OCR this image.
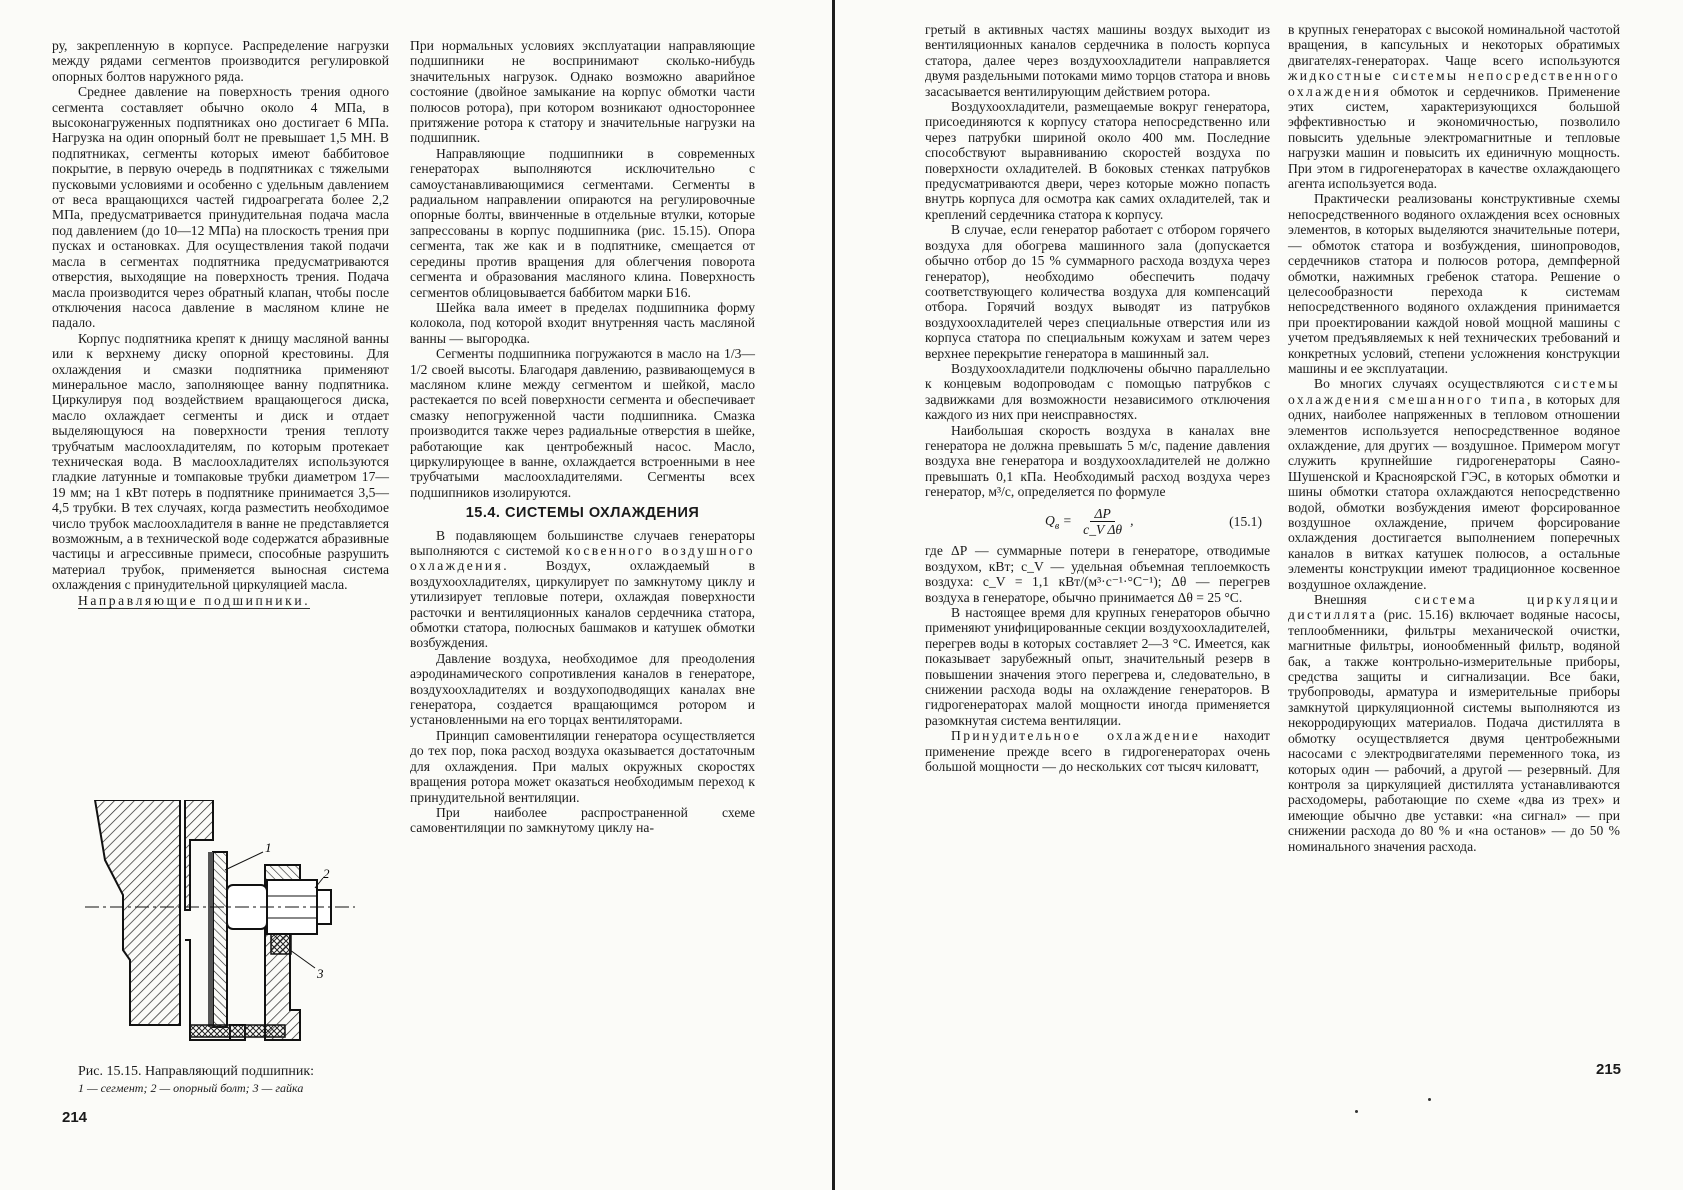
ру, закрепленную в корпусе. Распределение нагрузки между рядами сегментов производится регулировкой опорных болтов наружного ряда.

Среднее давление на поверхность трения одного сегмента составляет обычно около 4 МПа, в высоконагруженных подпятниках оно достигает 6 МПа. Нагрузка на один опорный болт не превышает 1,5 МН. В подпятниках, сегменты которых имеют баббитовое покрытие, в первую очередь в подпятниках с тяжелыми пусковыми условиями и особенно с удельным давлением от веса вращающихся частей гидроагрегата более 2,2 МПа, предусматривается принудительная подача масла под давлением (до 10—12 МПа) на плоскость трения при пусках и остановках. Для осуществления такой подачи масла в сегментах подпятника предусматриваются отверстия, выходящие на поверхность трения. Подача масла производится через обратный клапан, чтобы после отключения насоса давление в масляном клине не падало.

Корпус подпятника крепят к днищу масляной ванны или к верхнему диску опорной крестовины. Для охлаждения и смазки подпятника применяют минеральное масло, заполняющее ванну подпятника. Циркулируя под воздействием вращающегося диска, масло охлаждает сегменты и диск и отдает выделяющуюся на поверхности трения теплоту трубчатым маслоохладителям, по которым протекает техническая вода. В маслоохладителях используются гладкие латунные и томпаковые трубки диаметром 17—19 мм; на 1 кВт потерь в подпятнике принимается 3,5—4,5 трубки. В тех случаях, когда разместить необходимое число трубок маслоохладителя в ванне не представляется возможным, а в технической воде содержатся абразивные частицы и агрессивные примеси, способные разрушить материал трубок, применяется выносная система охлаждения с принудительной циркуляцией масла.

Направляющие подшипники.

1
2
3
Рис. 15.15. Направляющий подшипник:
1 — сегмент; 2 — опорный болт; 3 — гайка
214

При нормальных условиях эксплуатации направляющие подшипники не воспринимают сколько-нибудь значительных нагрузок. Однако возможно аварийное состояние (двойное замыкание на корпус обмотки части полюсов ротора), при котором возникают одностороннее притяжение ротора к статору и значительные нагрузки на подшипник.

Направляющие подшипники в современных генераторах выполняются исключительно с самоустанавливающимися сегментами. Сегменты в радиальном направлении опираются на регулировочные опорные болты, ввинченные в отдельные втулки, которые запрессованы в корпус подшипника (рис. 15.15). Опора сегмента, так же как и в подпятнике, смещается от середины против вращения для облегчения поворота сегмента и образования масляного клина. Поверхность сегментов облицовывается баббитом марки Б16.

Шейка вала имеет в пределах подшипника форму колокола, под которой входит внутренняя часть масляной ванны — выгородка.

Сегменты подшипника погружаются в масло на 1/3—1/2 своей высоты. Благодаря давлению, развивающемуся в масляном клине между сегментом и шейкой, масло растекается по всей поверхности сегмента и обеспечивает смазку непогруженной части подшипника. Смазка производится также через радиальные отверстия в шейке, работающие как центробежный насос. Масло, циркулирующее в ванне, охлаждается встроенными в нее трубчатыми маслоохладителями. Сегменты всех подшипников изолируются.

15.4. СИСТЕМЫ ОХЛАЖДЕНИЯ

В подавляющем большинстве случаев генераторы выполняются с системой косвенного воздушного охлаждения. Воздух, охлаждаемый в воздухоохладителях, циркулирует по замкнутому циклу и утилизирует тепловые потери, охлаждая поверхности расточки и вентиляционных каналов сердечника статора, обмотки статора, полюсных башмаков и катушек обмотки возбуждения.

Давление воздуха, необходимое для преодоления аэродинамического сопротивления каналов в генераторе, воздухоохладителях и воздухоподводящих каналах вне генератора, создается вращающимся ротором и установленными на его торцах вентиляторами.

Принцип самовентиляции генератора осуществляется до тех пор, пока расход воздуха оказывается достаточным для охлаждения. При малых окружных скоростях вращения ротора может оказаться необходимым переход к принудительной вентиляции.

При наиболее распространенной схеме самовентиляции по замкнутому циклу на-

гретый в активных частях машины воздух выходит из вентиляционных каналов сердечника в полость корпуса статора, далее через воздухоохладители направляется двумя раздельными потоками мимо торцов статора и вновь засасывается вентилирующим действием ротора.

Воздухоохладители, размещаемые вокруг генератора, присоединяются к корпусу статора непосредственно или через патрубки шириной около 400 мм. Последние способствуют выравниванию скоростей воздуха по поверхности охладителей. В боковых стенках патрубков предусматриваются двери, через которые можно попасть внутрь корпуса для осмотра как самих охладителей, так и креплений сердечника статора к корпусу.

В случае, если генератор работает с отбором горячего воздуха для обогрева машинного зала (допускается обычно отбор до 15 % суммарного расхода воздуха через генератор), необходимо обеспечить подачу соответствующего количества воздуха для компенсаций отбора. Горячий воздух выводят из патрубков воздухоохладителей через специальные отверстия или из корпуса статора по специальным кожухам и затем через верхнее перекрытие генератора в машинный зал.

Воздухоохладители подключены обычно параллельно к концевым водопроводам с помощью патрубков с задвижками для возможности независимого отключения каждого из них при неисправностях.

Наибольшая скорость воздуха в каналах вне генератора не должна превышать 5 м/с, падение давления воздуха вне генератора и воздухоохладителей не должно превышать 0,1 кПа. Необходимый расход воздуха через генератор, м³/с, определяется по формуле

$Q_в = \frac{\Delta P}{\text{c\_V Δθ}}$ ,	(15.1)

где ΔP — суммарные потери в генераторе, отводимые воздухом, кВт; c_V — удельная объемная теплоемкость воздуха: c_V = 1,1 кВт/(м³·с⁻¹·°С⁻¹); Δθ — перегрев воздуха в генераторе, обычно принимается Δθ = 25 °С.

В настоящее время для крупных генераторов обычно применяют унифицированные секции воздухоохладителей, перегрев воды в которых составляет 2—3 °С. Имеется, как показывает зарубежный опыт, значительный резерв в повышении значения этого перегрева и, следовательно, в снижении расхода воды на охлаждение генераторов. В гидрогенераторах малой мощности иногда применяется разомкнутая система вентиляции.

Принудительное охлаждение находит применение прежде всего в гидрогенераторах очень большой мощности — до нескольких сот тысяч киловатт,

в крупных генераторах с высокой номинальной частотой вращения, в капсульных и некоторых обратимых двигателях-генераторах. Чаще всего используются жидкостные системы непосредственного охлаждения обмоток и сердечников. Применение этих систем, характеризующихся большой эффективностью и экономичностью, позволило повысить удельные электромагнитные и тепловые нагрузки машин и повысить их единичную мощность. При этом в гидрогенераторах в качестве охлаждающего агента используется вода.

Практически реализованы конструктивные схемы непосредственного водяного охлаждения всех основных элементов, в которых выделяются значительные потери, — обмоток статора и возбуждения, шинопроводов, сердечников статора и полюсов ротора, демпферной обмотки, нажимных гребенок статора. Решение о целесообразности перехода к системам непосредственного водяного охлаждения принимается при проектировании каждой новой мощной машины с учетом предъявляемых к ней технических требований и конкретных условий, степени усложнения конструкции машины и ее эксплуатации.

Во многих случаях осуществляются системы охлаждения смешанного типа, в которых для одних, наиболее напряженных в тепловом отношении элементов используется непосредственное водяное охлаждение, для других — воздушное. Примером могут служить крупнейшие гидрогенераторы Саяно-Шушенской и Красноярской ГЭС, в которых обмотки и шины обмотки статора охлаждаются непосредственно водой, обмотки возбуждения имеют форсированное воздушное охлаждение, причем форсирование охлаждения достигается выполнением поперечных каналов в витках катушек полюсов, а остальные элементы конструкции имеют традиционное косвенное воздушное охлаждение.

Внешняя система циркуляции дистиллята (рис. 15.16) включает водяные насосы, теплообменники, фильтры механической очистки, магнитные фильтры, ионообменный фильтр, водяной бак, а также контрольно-измерительные приборы, средства защиты и сигнализации. Все баки, трубопроводы, арматура и измерительные приборы замкнутой циркуляционной системы выполняются из некорродирующих материалов. Подача дистиллята в обмотку осуществляется двумя центробежными насосами с электродвигателями переменного тока, из которых один — рабочий, а другой — резервный. Для контроля за циркуляцией дистиллята устанавливаются расходомеры, работающие по схеме «два из трех» и имеющие обычно две уставки: «на сигнал» — при снижении расхода до 80 % и «на останов» — до 50 % номинального значения расхода.

215
